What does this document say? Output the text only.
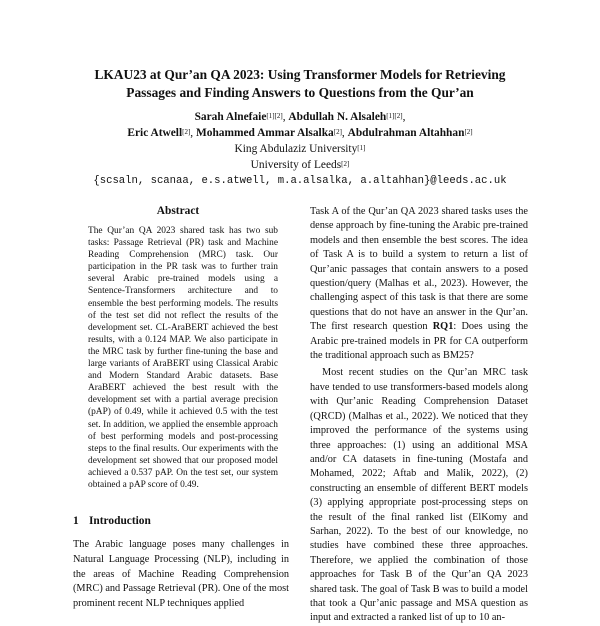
LKAU23 at Qur’an QA 2023: Using Transformer Models for Retrieving
Passages and Finding Answers to Questions from the Qur’an
Sarah Alnefaie[1][2], Abdullah N. Alsaleh[1][2],
Eric Atwell[2], Mohammed Ammar Alsalka[2], Abdulrahman Altahhan[2]
King Abdulaziz University[1]
University of Leeds[2]
{scsaln, scanaa, e.s.atwell, m.a.alsalka, a.altahhan}@leeds.ac.uk
Abstract
The Qur’an QA 2023 shared task has two sub tasks: Passage Retrieval (PR) task and Machine Reading Comprehension (MRC) task. Our participation in the PR task was to further train several Arabic pre-trained models using a Sentence-Transformers architecture and to ensemble the best performing models. The results of the test set did not reflect the results of the development set. CL-AraBERT achieved the best results, with a 0.124 MAP. We also participate in the MRC task by further fine-tuning the base and large variants of AraBERT using Classical Arabic and Modern Standard Arabic datasets. Base AraBERT achieved the best result with the development set with a partial average precision (pAP) of 0.49, while it achieved 0.5 with the test set. In addition, we applied the ensemble approach of best performing models and post-processing steps to the final results. Our experiments with the development set showed that our proposed model achieved a 0.537 pAP. On the test set, our system obtained a pAP score of 0.49.
1 Introduction
The Arabic language poses many challenges in Natural Language Processing (NLP), including in the areas of Machine Reading Comprehension (MRC) and Passage Retrieval (PR). One of the most prominent recent NLP techniques applied

Task A of the Qur’an QA 2023 shared tasks uses the dense approach by fine-tuning the Arabic pre-trained models and then ensemble the best scores. The idea of Task A is to build a system to return a list of Qur’anic passages that contain answers to a posed question/query (Malhas et al., 2023). However, the challenging aspect of this task is that there are some questions that do not have an answer in the Qur’an. The first research question RQ1: Does using the Arabic pre-trained models in PR for CA outperform the traditional approach such as BM25?

Most recent studies on the Qur’an MRC task have tended to use transformers-based models along with Qur’anic Reading Comprehension Dataset (QRCD) (Malhas et al., 2022). We noticed that they improved the performance of the systems using three approaches: (1) using an additional MSA and/or CA datasets in fine-tuning (Mostafa and Mohamed, 2022; Aftab and Malik, 2022), (2) constructing an ensemble of different BERT models (3) applying appropriate post-processing steps on the result of the final ranked list (ElKomy and Sarhan, 2022). To the best of our knowledge, no studies have combined these three approaches. Therefore, we applied the combination of those approaches for Task B of the Qur’an QA 2023 shared task. The goal of Task B was to build a model that took a Qur’anic passage and MSA question as input and extracted a ranked list of up to 10 an-
